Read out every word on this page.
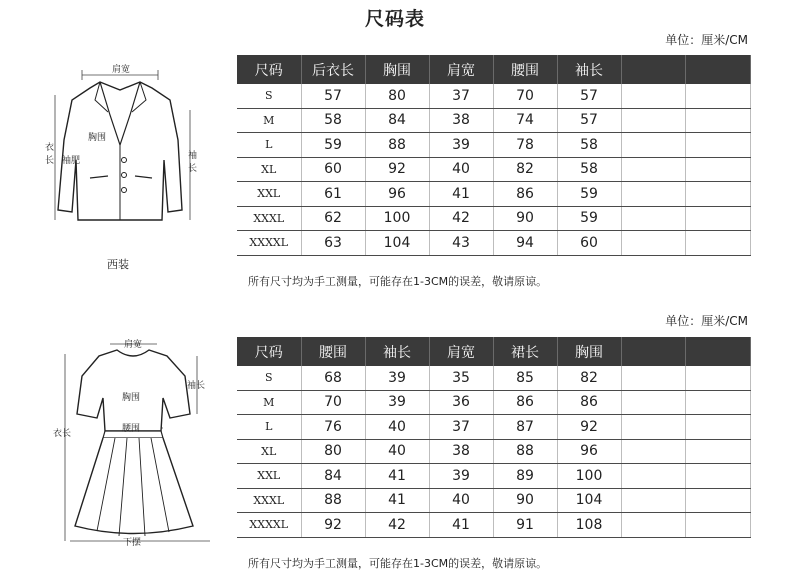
尺码表
肩宽
胸围
衣
长 袖肥	袖
长
西装
肩宽
袖长
胸围
腰围
衣长
下摆
单位：厘米/CM
尺码	后衣长	胸围	肩宽	腰围	袖长		
S	57	80	37	70	57		
M	58	84	38	74	57		
L	59	88	39	78	58		
XL	60	92	40	82	58		
XXL	61	96	41	86	59		
XXXL	62	100	42	90	59		
XXXXL	63	104	43	94	60		
所有尺寸均为手工测量，可能存在1-3CM的误差，敬请原谅。
单位：厘米/CM
尺码	腰围	袖长	肩宽	裙长	胸围		
S	68	39	35	85	82		
M	70	39	36	86	86		
L	76	40	37	87	92		
XL	80	40	38	88	96		
XXL	84	41	39	89	100		
XXXL	88	41	40	90	104		
XXXXL	92	42	41	91	108		
所有尺寸均为手工测量，可能存在1-3CM的误差，敬请原谅。
